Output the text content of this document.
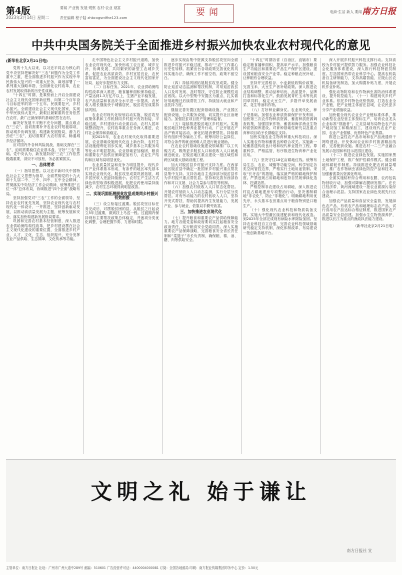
第4版
2023年2月14日 星期二
要闻 产业链 发展·观察 农村·农业 财富
责任编辑 程子陆 zhbcxgsrdfhe123.com	要闻	电商·生活 新人 要闻 南方日报
中共中央国务院关于全面推进乡村振兴加快农业农村现代化的意见
(新华社北京2月21日电)

党的十九大以来，以习近平同志为核心的党中央坚持把解决好“三农”问题作为全党工作重中之重，把全面推进乡村振兴作为实现中华民族伟大复兴的一项重大任务，谋划部署了一系列重大战略举措，全面深化农村改革，农业农村发展取得新的历史性成就。

“十四五”时期，是乘势而上开启全面建设社会主义现代化国家新征程、向第二个百年奋斗目标进军的第一个五年。民族要复兴，乡村必振兴。全面建设社会主义现代化国家，实现中华民族伟大复兴，最艰巨最繁重的任务依然在农村，最广泛最深厚的基础依然在农村。

解决好发展不平衡不充分问题，重点难点在“三农”，迫切需要补齐农业农村短板弱项，推动城乡协调发展；构建新发展格局，潜力后劲在“三农”，迫切需要扩大农村需求，畅通城乡经济循环。

应对国内外各种风险挑战，基础支撑在“三农”，迫切需要稳住农业基本盘，守好“三农”基础。党中央认为，新发展阶段“三农”工作依然极端重要，须臾不可放松，务必抓紧抓实。

一、总体要求

（一）指导思想。以习近平新时代中国特色社会主义思想为指导，全面贯彻党的十九大和十九届二中、三中、四中、五中全会精神，贯彻落实中央经济工作会议精神，统筹推进“五位一体”总体布局，协调推进“四个全面”战略布局。

坚持加强党对“三农”工作的全面领导，坚持农业农村优先发展，坚持农业现代化与农村现代化一体设计、一并推进，坚持创新驱动发展，以推动高质量发展为主题，统筹发展和安全，落实加快构建新发展格局要求。

巩固和完善农村基本经营制度，深入推进农业供给侧结构性改革，把乡村建设摆在社会主义现代化建设的重要位置，全面推进乡村产业、人才、文化、生态、组织振兴，充分发挥农业产品供给、生态屏障、文化传承等功能。

走中国特色社会主义乡村振兴道路，加快农业农村现代化，加快形成工农互促、城乡互补、协调发展、共同繁荣的新型工农城乡关系，促进农业高质高效、乡村宜居宜业、农民富裕富足，为全面建设社会主义现代化国家开好局、起好步提供有力支撑。

（二）目标任务。2021年，农业供给侧结构性改革深入推进，粮食播种面积保持稳定、产量达到1.3万亿斤以上，生猪产业平稳发展，农产品质量和食品安全水平进一步提高，农民收入增长继续快于城镇居民，脱贫攻坚成果持续巩固。

农业农村现代化规划启动实施，脱贫攻坚政策体系和工作机制同乡村振兴有效衔接、平稳过渡，乡村建设行动全面启动，农村人居环境整治提升，农村改革重点任务深入推进，农村社会保持和谐稳定。

到2025年，农业农村现代化取得重要进展，农业基础设施现代化迈上新台阶，农村生活设施便利化初步实现，城乡基本公共服务均等化水平明显提高。农业基础更加稳固，粮食和重要农产品供应保障更加有力，农业生产结构和区域布局明显优化。

农业质量效益和竞争力明显提升，现代乡村产业体系基本形成，有条件的地区率先基本实现农业现代化。脱贫攻坚成果巩固拓展，城乡居民收入差距持续缩小。农村生产生活方式绿色转型取得积极进展，化肥农药使用量持续减少，农村生态环境得到明显改善。

二、实现巩固拓展脱贫攻坚成果同乡村振兴有效衔接

（三）设立衔接过渡期。脱贫攻坚目标任务完成后，对摆脱贫困的县，从脱贫之日起设立5年过渡期，做到扶上马送一程。过渡期内保持现有主要帮扶政策总体稳定，并逐项分类优化调整，合理把握节奏、力度和时限。

逐步实现由集中资源支持脱贫攻坚向全面推进乡村振兴平稳过渡，推动“三农”工作重心历史性转移。抓紧出台各项政策完善优化的具体实施办法，确保工作不留空档、政策不留空白。

（四）持续巩固拓展脱贫攻坚成果。健全防止返贫动态监测和帮扶机制，对易返贫致贫人口及时发现、及时帮扶，守住防止规模性返贫底线。以大中型集中安置区为重点，扎实做好易地搬迁后续帮扶工作，持续加大就业和产业扶持力度。

继续完善安置区配套基础设施、产业园区配套设施、公共服务设施，切实提升社区治理能力。加强扶贫项目资产管理和监督。

（五）接续推进脱贫地区乡村振兴。实施脱贫地区特色种养业提升行动，广泛开展农产品产销对接活动，深化拓展消费帮扶。持续做好有组织劳务输出工作。统筹用好公益岗位，对符合条件的就业困难人员进行就业援助。

在农业农村基础设施建设领域推广以工代赈方式，吸纳更多脱贫人口和低收入人口就地就近就业。在脱贫地区重点建设一批区域性和跨区域重大基础设施工程。

加大对脱贫县乡村振兴支持力度。在西部地区脱贫县中确定一批国家乡村振兴重点帮扶县集中支持。支持各地自主选择部分脱贫县作为乡村振兴重点帮扶县。坚持和完善东西部协作和对口支援、社会力量参与帮扶等机制。

（六）加强农村低收入人口常态化帮扶。开展农村低收入人口动态监测，实行分层分类帮扶。对有劳动能力的农村低收入人口，坚持开发式帮扶，帮助其提高内生发展能力，发展产业、参与就业，依靠双手勤劳致富。

三、加快推进农业现代化

（七）提升粮食和重要农产品供给保障能力。地方各级党委和政府要切实扛起粮食安全政治责任，实行粮食安全党政同责。深入实施重要农产品保障战略，完善粮食安全省长责任制和“菜篮子”市长负责制，确保粮、棉、油、糖、肉等供给安全。

“十四五”时期各省（自治区、直辖市）要稳定粮食播种面积、提高单产水平。加强粮食生产功能区和重要农产品生产保护区建设。建设国家粮食安全产业带。稳定种粮农民补贴，让种粮有合理收益。

坚持并完善稻谷、小麦最低收购价政策，完善玉米、大豆生产者补贴政策。深入推进农业结构调整，推动品种培优、品质提升、品牌打造和标准化生产。鼓励发展青贮玉米等优质饲草饲料，稳定大豆生产，多措并举发展油菜、花生等油料作物。

（八）打好种业翻身仗。农业现代化，种子是基础。加强农业种质资源保护开发利用，加快第三次农作物种质资源、畜禽种质资源调查收集，加强国家作物、畜禽和海洋渔业生物种质资源库建设。对育种基础性研究以及重点育种项目给予长期稳定支持。

加快实施农业生物育种重大科技项目。深入实施农作物和畜禽良种联合攻关。实施新一轮畜禽遗传改良计划和现代种业提升工程。尊重科学、严格监管，有序推进生物育种产业化应用。

（九）坚决守住18亿亩耕地红线。统筹布局生态、农业、城镇等功能空间，科学划定各类空间管控边界，严格实行土地用途管制。采取“长牙齿”的措施，落实最严格的耕地保护制度。严禁违规占用耕地和违背自然规律绿化造林、挖湖造景。

严格控制非农建设占用耕地，深入推进农村乱占耕地建房专项整治行动，坚决遏制耕地“非农化”、防止“非粮化”。明确耕地利用优先序，永久基本农田重点用于粮食特别是口粮生产。

（十）强化现代农业科技和物质装备支撑。实施大中型灌区续建配套和现代化改造。到2025年全部完成现有病险水库除险加固。坚持农业科技自立自强，完善农业科技领域基础研究稳定支持机制，深化体制改革，布局建设一批创新基地平台。

深入开展乡村振兴科技支撑行动。支持高校为乡村振兴提供智力服务。加强农业科技社会化服务体系建设，深入推行科技特派员制度。打造国家热带农业科学中心。提高农机装备自主研制能力，支持高端智能、丘陵山区农机装备研发制造，加大购置补贴力度，开展农机作业补贴。

强化动物防疫和农作物病虫害防治体系建设，提升防控能力。（十一）构建现代乡村产业体系。依托乡村特色优势资源，打造农业全产业链，把产业链主体留在县城，让农民更多分享产业增值收益。

加快健全现代农业全产业链标准体系，推动新型农业经营主体按标生产，培育农业龙头企业标准“领跑者”。立足县域布局特色农产品产地初加工和精深加工，建设现代农业产业园、农业产业强镇、优势特色产业集群。

推进公益性农产品市场和农产品流通骨干网络建设。开发休闲农业和乡村旅游精品线路，完善配套设施。推进农村一二三产业融合发展示范园和科技示范园区建设。

（十二）推进农业绿色发展。实施国家黑土地保护工程，推广保护性耕作模式。健全耕地休耕轮作制度。持续推进化肥农药减量增效，推广农作物病虫害绿色防控产品和技术。加强畜禽粪污资源化利用。

全面实施秸秆综合利用和农膜、农药包装物回收行动，加强可降解农膜研发推广。在长江经济带、黄河流域建设一批农业面源污染综合治理示范县。支持国家农业绿色发展先行区建设。

加强农产品质量和食品安全监管，发展绿色农产品、有机农产品和地理标志农产品，试行食用农产品达标合格证制度，推进国家农产品质量安全县创建。加强水生生物资源养护，推进以长江为重点的渔政执法能力建设。

（新华社北京2月21日电）
文明之礼 始于谦让
南方日报社 宣
主管单位：南方日报社 社址：广州市广州大道中289号 邮编：510601 广告经营许可证：4400004000081 订阅：全国各地邮局 印刷：南方报业传媒集团印务中心 定价：1.50元
